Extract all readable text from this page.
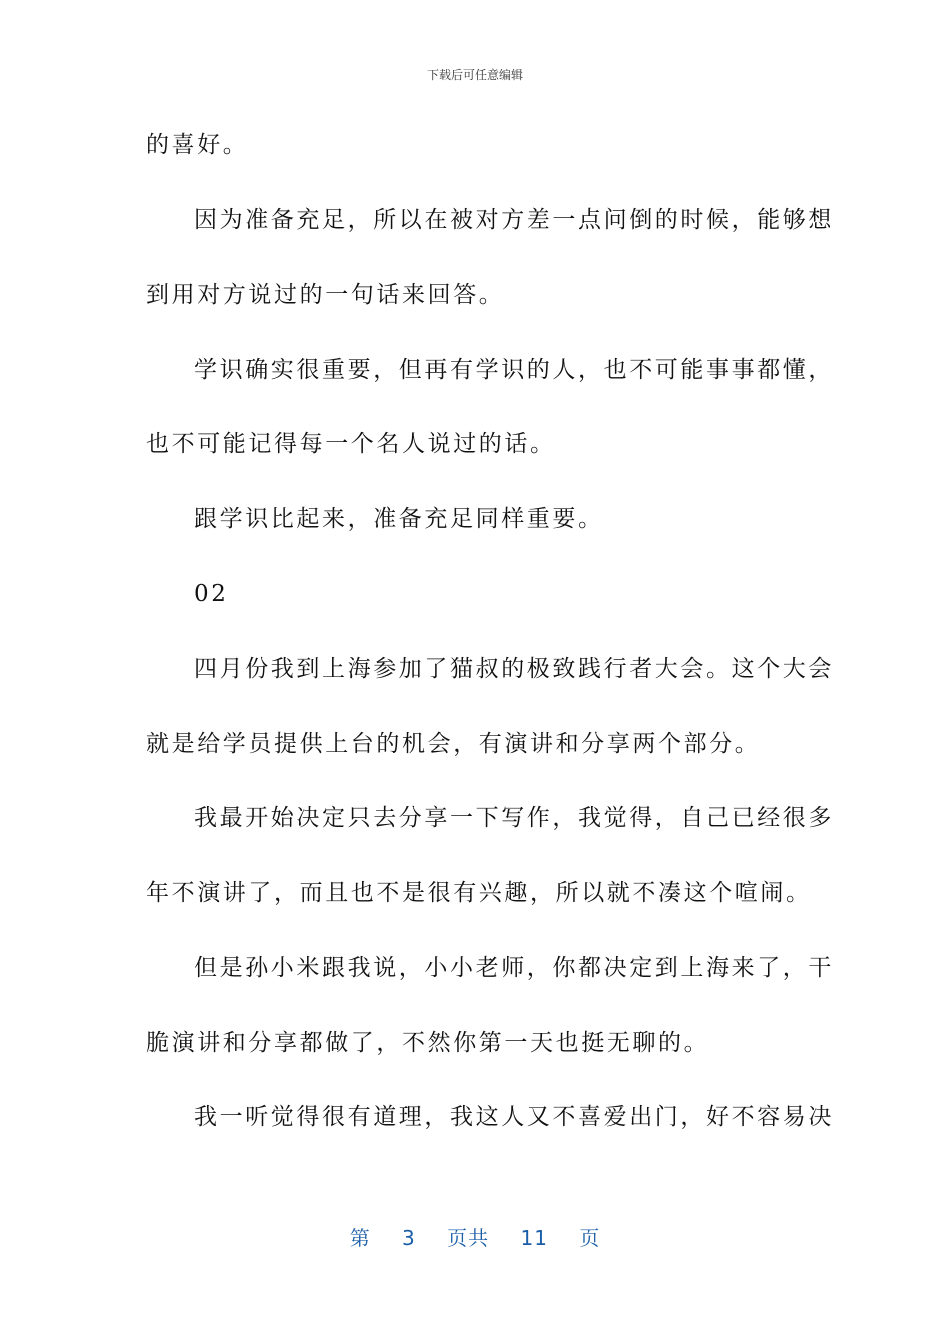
下载后可任意编辑
的喜好。
因为准备充足，所以在被对方差一点问倒的时候，能够想
到用对方说过的一句话来回答。
学识确实很重要，但再有学识的人，也不可能事事都懂，
也不可能记得每一个名人说过的话。
跟学识比起来，准备充足同样重要。
02
四月份我到上海参加了猫叔的极致践行者大会。这个大会
就是给学员提供上台的机会，有演讲和分享两个部分。
我最开始决定只去分享一下写作，我觉得，自己已经很多
年不演讲了，而且也不是很有兴趣，所以就不凑这个喧闹。
但是孙小米跟我说，小小老师，你都决定到上海来了，干
脆演讲和分享都做了，不然你第一天也挺无聊的。
我一听觉得很有道理，我这人又不喜爱出门，好不容易决
第 3 页共 11 页
